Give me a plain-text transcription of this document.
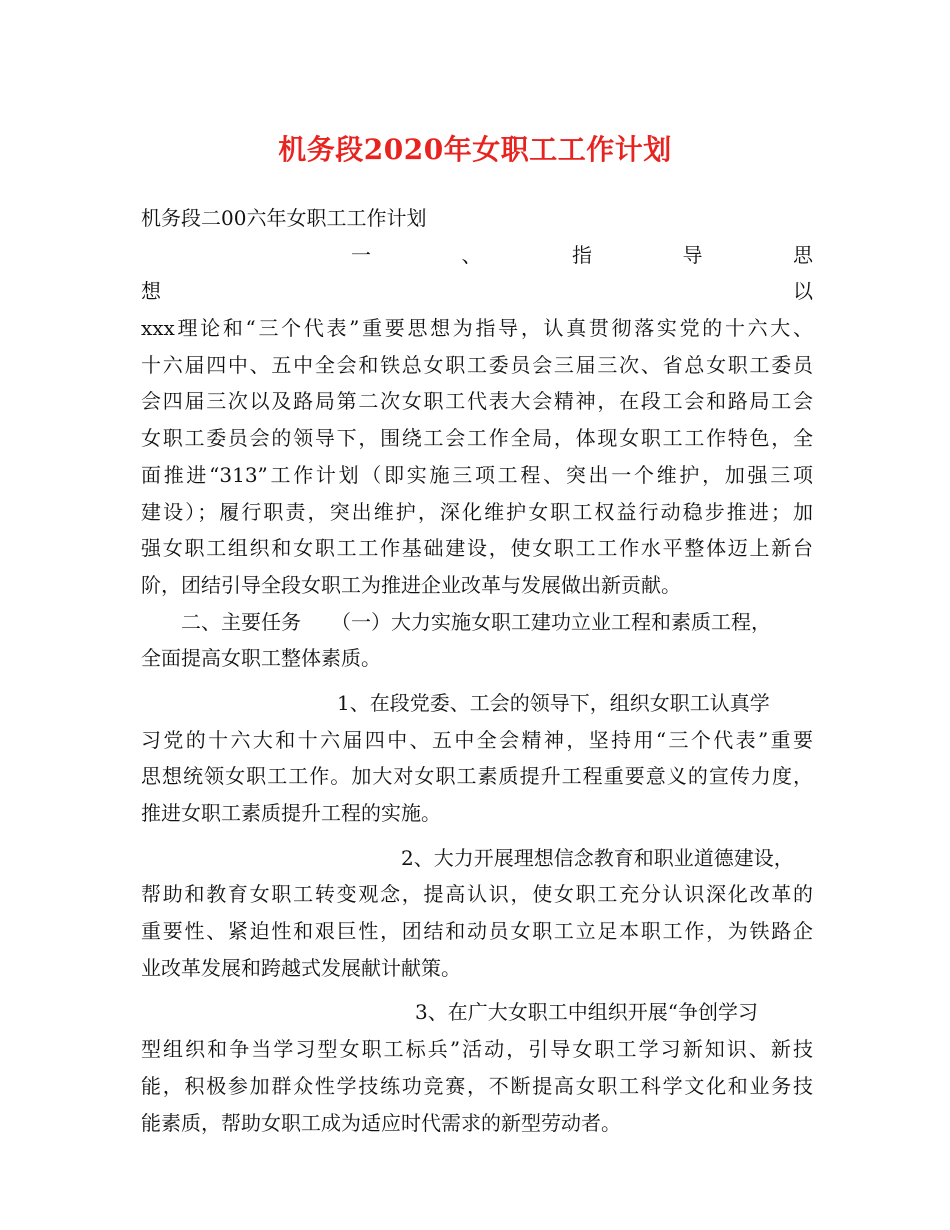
机务段2020年女职工工作计划
机务段二00六年女职工工作计划
一	、	指	导	思
想	以
xxx理论和“三个代表”重要思想为指导，认真贯彻落实党的十六大、
十六届四中、五中全会和铁总女职工委员会三届三次、省总女职工委员
会四届三次以及路局第二次女职工代表大会精神，在段工会和路局工会
女职工委员会的领导下，围绕工会工作全局，体现女职工工作特色，全
面推进“313”工作计划（即实施三项工程、突出一个维护，加强三项
建设）；履行职责，突出维护，深化维护女职工权益行动稳步推进；加
强女职工组织和女职工工作基础建设，使女职工工作水平整体迈上新台
阶，团结引导全段女职工为推进企业改革与发展做出新贡献。
二、主要任务　　（一）大力实施女职工建功立业工程和素质工程，
全面提高女职工整体素质。
1、在段党委、工会的领导下，组织女职工认真学
习党的十六大和十六届四中、五中全会精神，坚持用“三个代表”重要
思想统领女职工工作。加大对女职工素质提升工程重要意义的宣传力度，
推进女职工素质提升工程的实施。
2、大力开展理想信念教育和职业道德建设，
帮助和教育女职工转变观念，提高认识，使女职工充分认识深化改革的
重要性、紧迫性和艰巨性，团结和动员女职工立足本职工作，为铁路企
业改革发展和跨越式发展献计献策。
3、在广大女职工中组织开展“争创学习
型组织和争当学习型女职工标兵”活动，引导女职工学习新知识、新技
能，积极参加群众性学技练功竞赛，不断提高女职工科学文化和业务技
能素质，帮助女职工成为适应时代需求的新型劳动者。
